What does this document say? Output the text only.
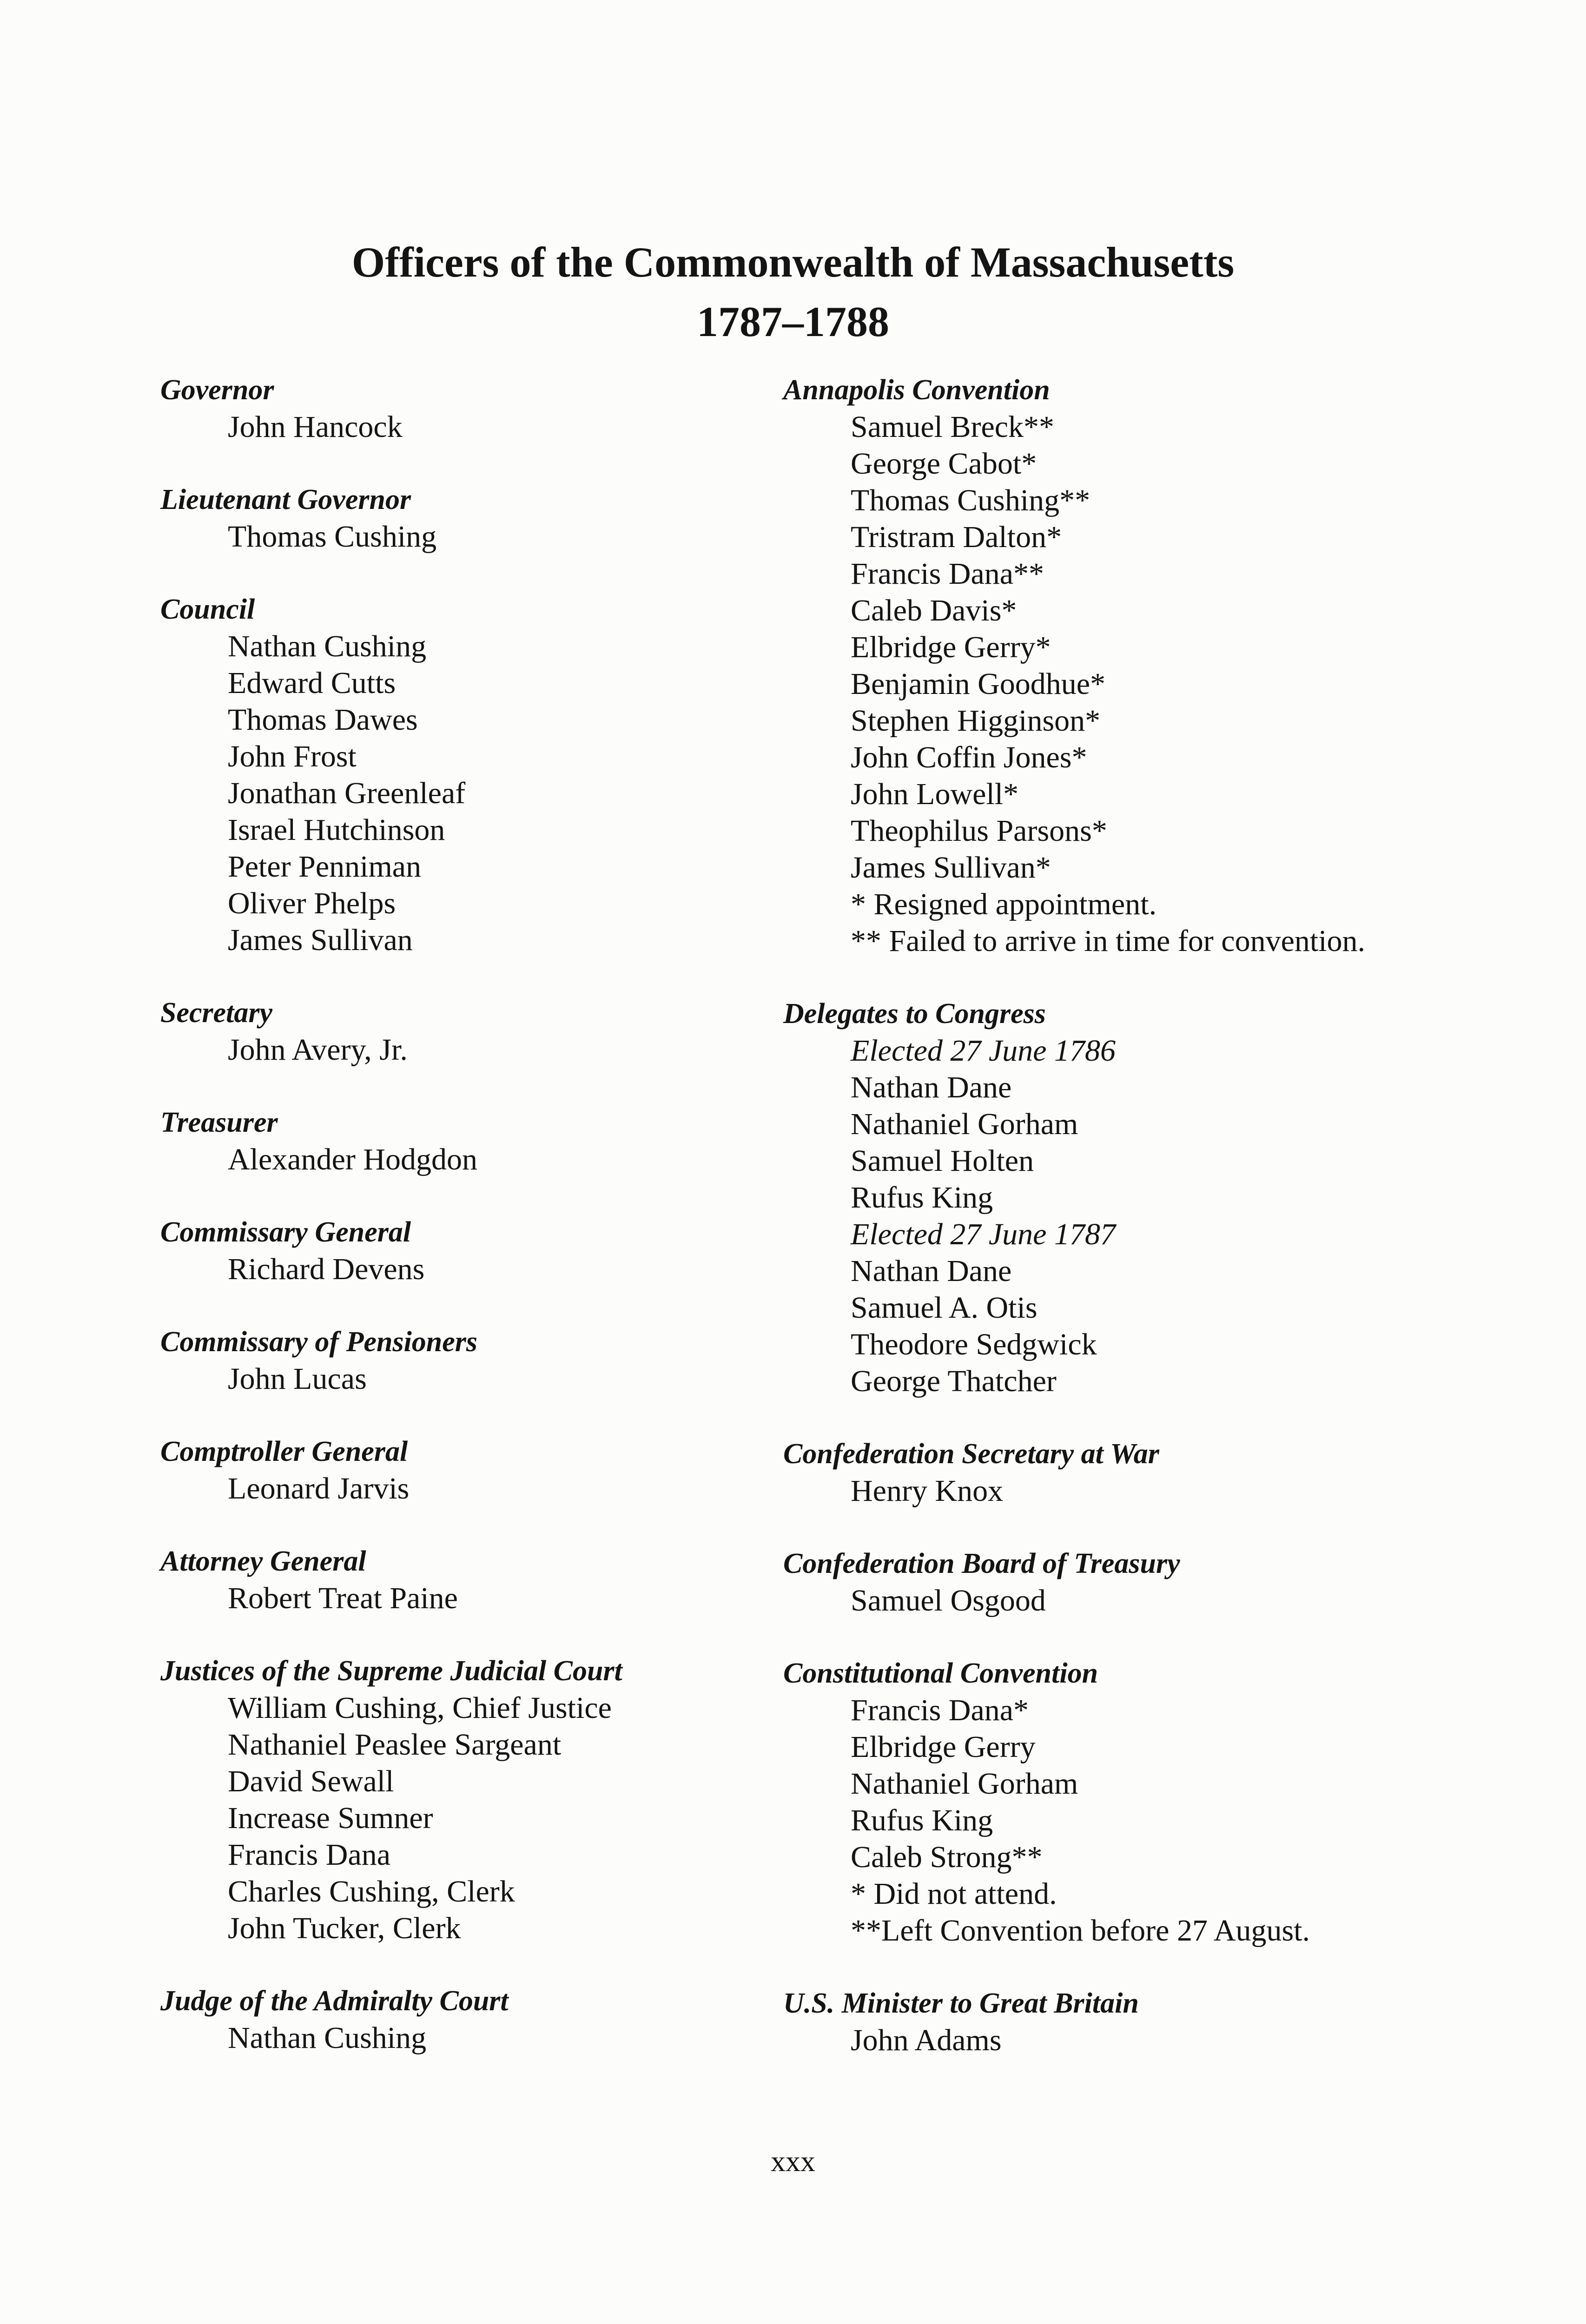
Officers of the Commonwealth of Massachusetts
1787–1788

Governor

John Hancock

Lieutenant Governor

Thomas Cushing

Council

Nathan Cushing

Edward Cutts

Thomas Dawes

John Frost

Jonathan Greenleaf

Israel Hutchinson

Peter Penniman

Oliver Phelps

James Sullivan

Secretary

John Avery, Jr.

Treasurer

Alexander Hodgdon

Commissary General

Richard Devens

Commissary of Pensioners

John Lucas

Comptroller General

Leonard Jarvis

Attorney General

Robert Treat Paine

Justices of the Supreme Judicial Court

William Cushing, Chief Justice

Nathaniel Peaslee Sargeant

David Sewall

Increase Sumner

Francis Dana

Charles Cushing, Clerk

John Tucker, Clerk

Judge of the Admiralty Court

Nathan Cushing

Annapolis Convention

Samuel Breck**

George Cabot*

Thomas Cushing**

Tristram Dalton*

Francis Dana**

Caleb Davis*

Elbridge Gerry*

Benjamin Goodhue*

Stephen Higginson*

John Coffin Jones*

John Lowell*

Theophilus Parsons*

James Sullivan*

* Resigned appointment.

** Failed to arrive in time for convention.

Delegates to Congress

Elected 27 June 1786

Nathan Dane

Nathaniel Gorham

Samuel Holten

Rufus King

Elected 27 June 1787

Nathan Dane

Samuel A. Otis

Theodore Sedgwick

George Thatcher

Confederation Secretary at War

Henry Knox

Confederation Board of Treasury

Samuel Osgood

Constitutional Convention

Francis Dana*

Elbridge Gerry

Nathaniel Gorham

Rufus King

Caleb Strong**

* Did not attend.

**Left Convention before 27 August.

U.S. Minister to Great Britain

John Adams

xxx
